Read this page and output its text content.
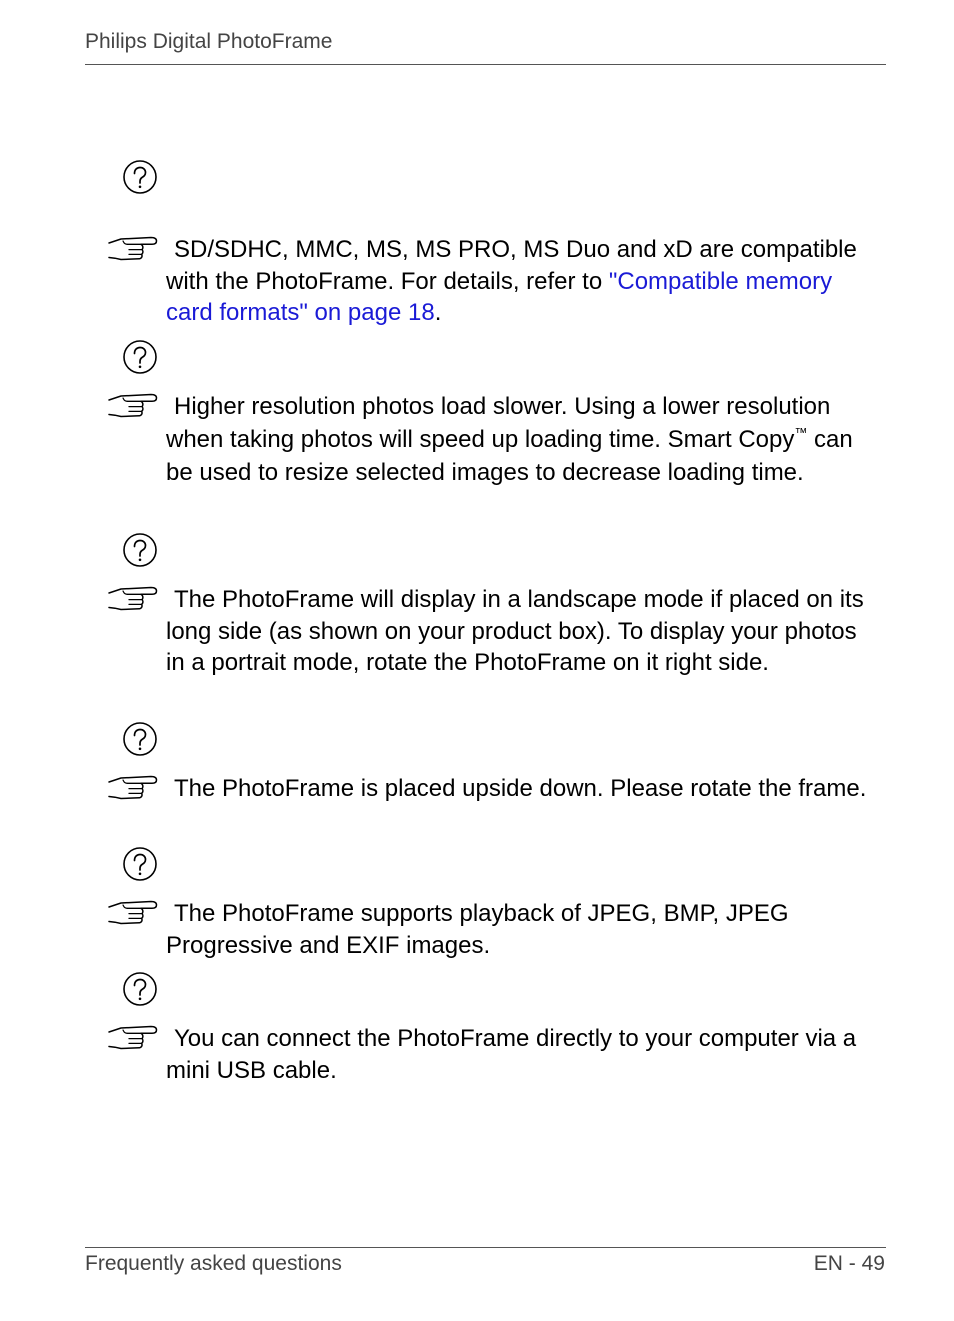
Philips Digital PhotoFrame

SD/SDHC, MMC, MS, MS PRO, MS Duo and xD are compatible with the PhotoFrame. For details, refer to "Compatible memory card formats" on page 18.

Higher resolution photos load slower. Using a lower resolution when taking photos will speed up loading time. Smart Copy™ can be used to resize selected images to decrease loading time.

The PhotoFrame will display in a landscape mode if placed on its long side (as shown on your product box). To display your photos in a portrait mode, rotate the PhotoFrame on it right side.

The PhotoFrame is placed upside down. Please rotate the frame.

The PhotoFrame supports playback of JPEG, BMP, JPEG Progressive and EXIF images.

You can connect the PhotoFrame directly to your computer via a mini USB cable.

Frequently asked questions	EN - 49
